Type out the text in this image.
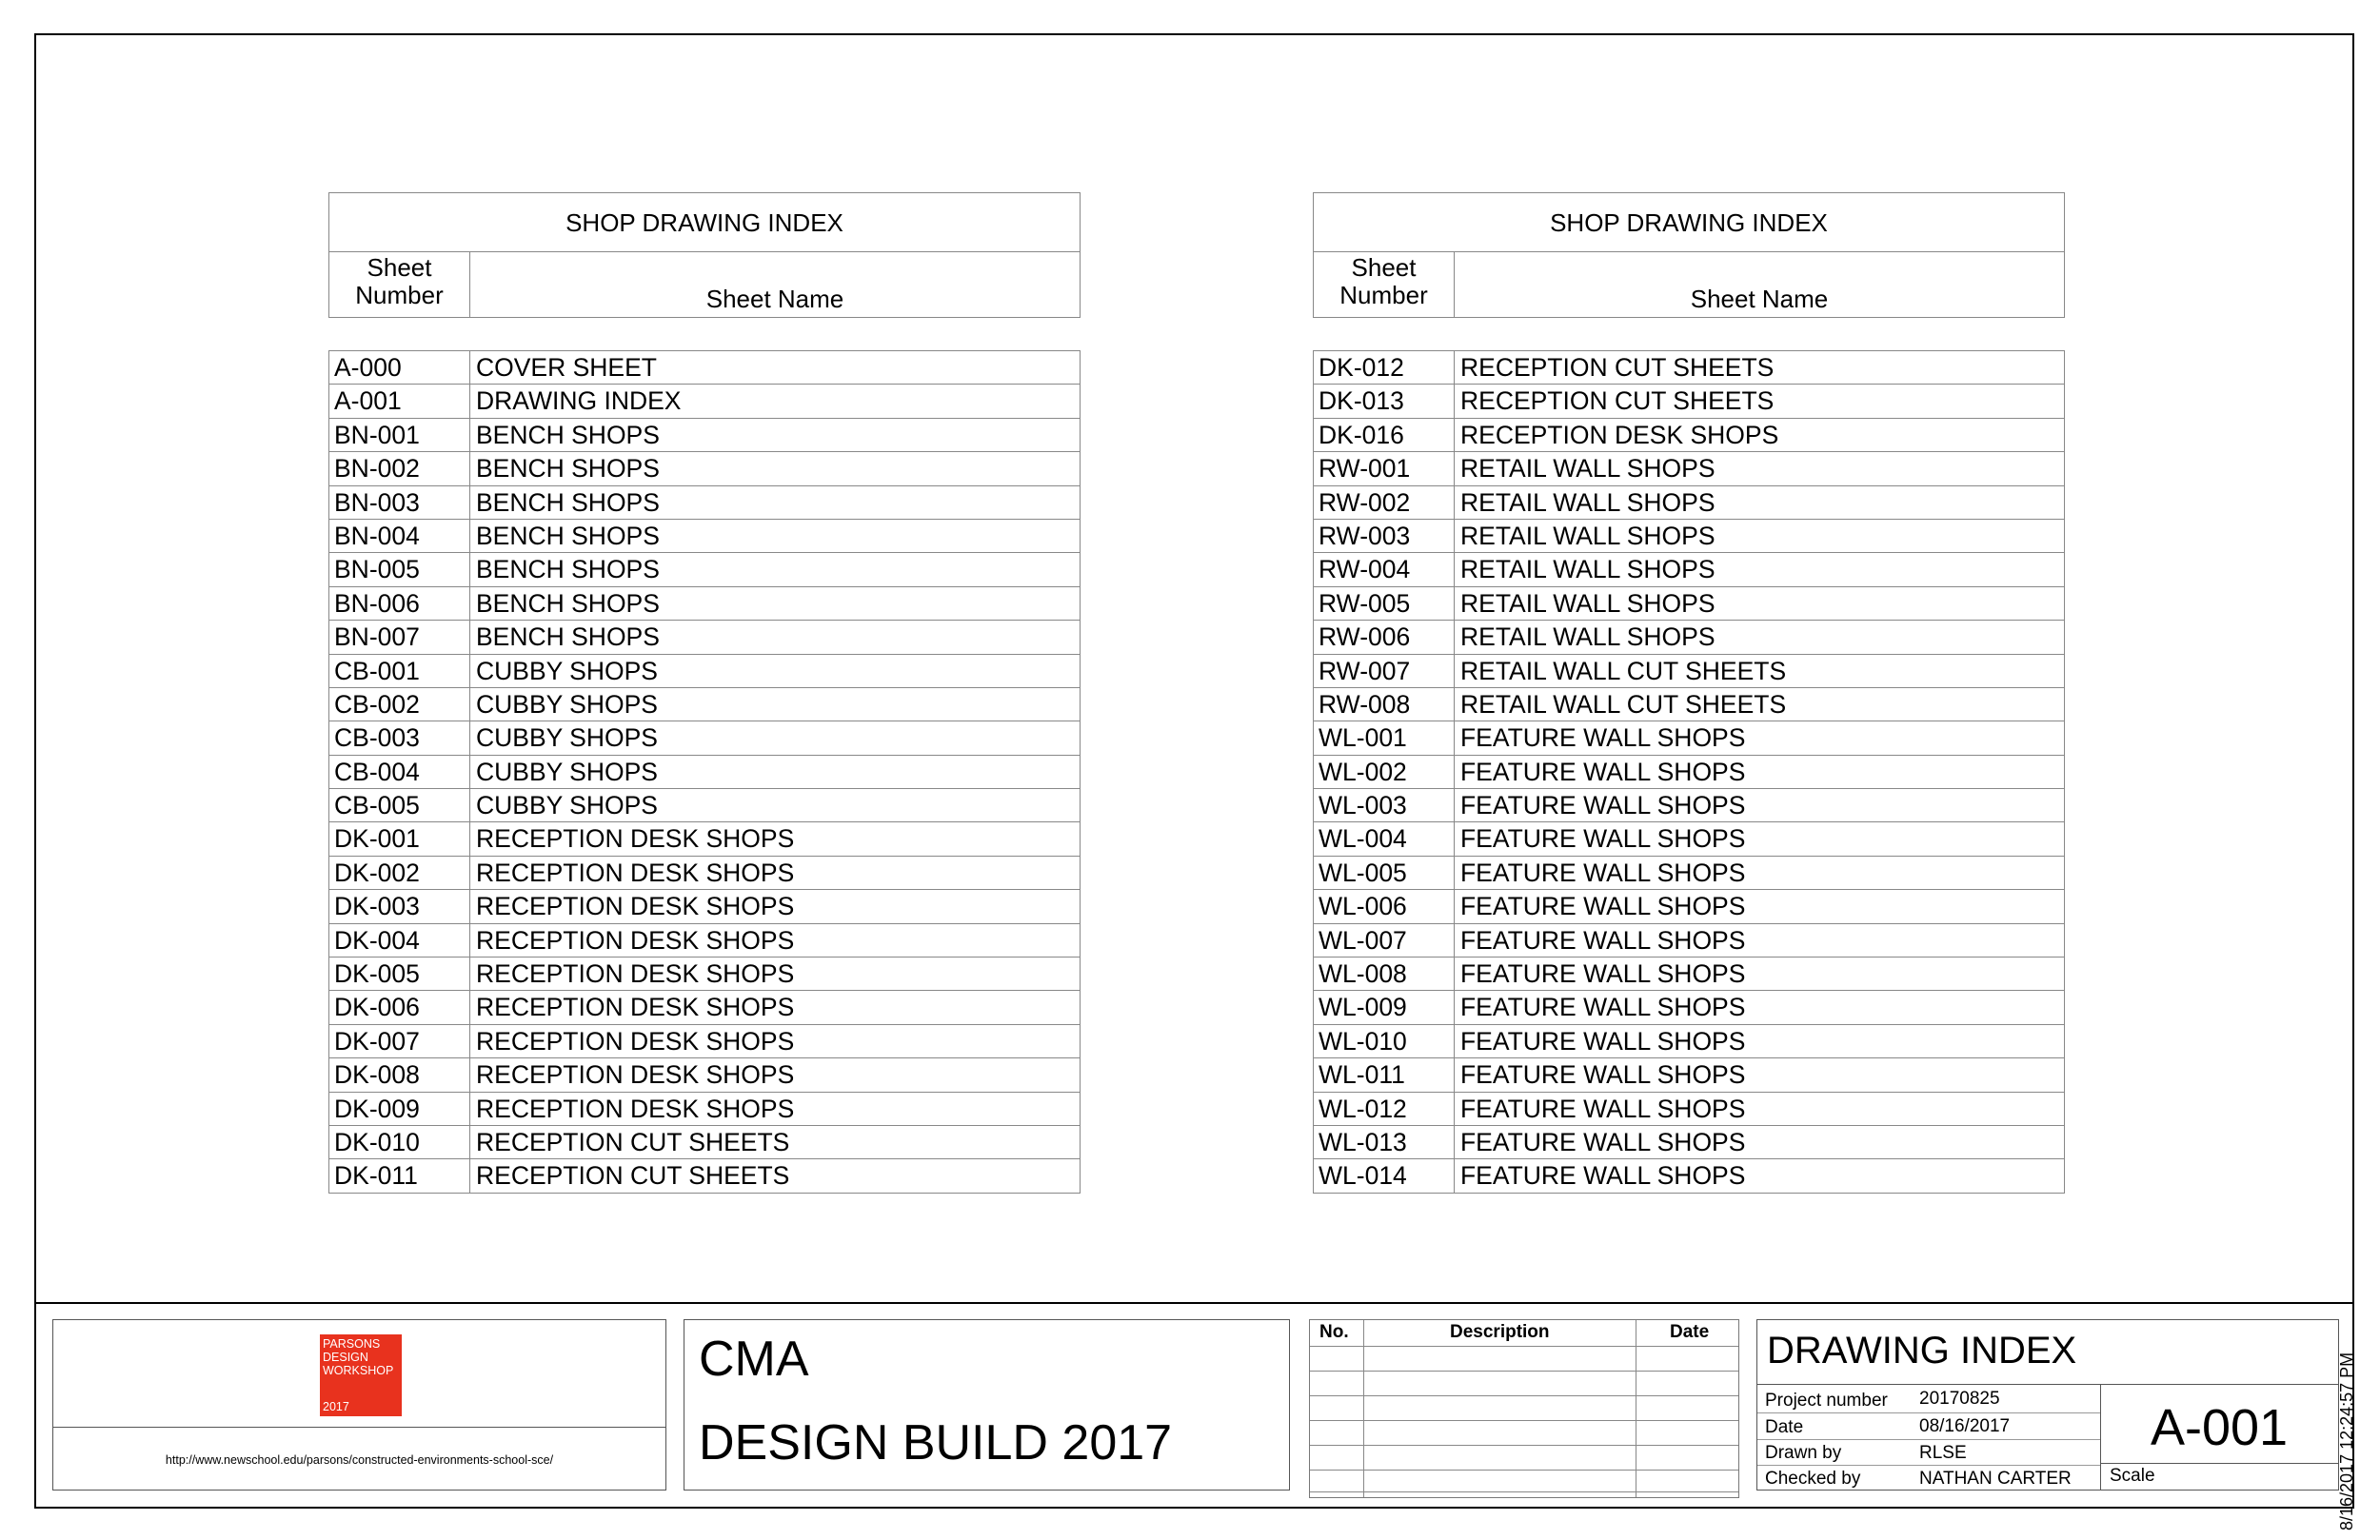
SHOP DRAWING INDEX
Sheet Number	Sheet Name
A-000	COVER SHEET
A-001	DRAWING INDEX
BN-001	BENCH SHOPS
BN-002	BENCH SHOPS
BN-003	BENCH SHOPS
BN-004	BENCH SHOPS
BN-005	BENCH SHOPS
BN-006	BENCH SHOPS
BN-007	BENCH SHOPS
CB-001	CUBBY SHOPS
CB-002	CUBBY SHOPS
CB-003	CUBBY SHOPS
CB-004	CUBBY SHOPS
CB-005	CUBBY SHOPS
DK-001	RECEPTION DESK SHOPS
DK-002	RECEPTION DESK SHOPS
DK-003	RECEPTION DESK SHOPS
DK-004	RECEPTION DESK SHOPS
DK-005	RECEPTION DESK SHOPS
DK-006	RECEPTION DESK SHOPS
DK-007	RECEPTION DESK SHOPS
DK-008	RECEPTION DESK SHOPS
DK-009	RECEPTION DESK SHOPS
DK-010	RECEPTION CUT SHEETS
DK-011	RECEPTION CUT SHEETS
SHOP DRAWING INDEX
Sheet Number	Sheet Name
DK-012	RECEPTION CUT SHEETS
DK-013	RECEPTION CUT SHEETS
DK-016	RECEPTION DESK SHOPS
RW-001	RETAIL WALL SHOPS
RW-002	RETAIL WALL SHOPS
RW-003	RETAIL WALL SHOPS
RW-004	RETAIL WALL SHOPS
RW-005	RETAIL WALL SHOPS
RW-006	RETAIL WALL SHOPS
RW-007	RETAIL WALL CUT SHEETS
RW-008	RETAIL WALL CUT SHEETS
WL-001	FEATURE WALL SHOPS
WL-002	FEATURE WALL SHOPS
WL-003	FEATURE WALL SHOPS
WL-004	FEATURE WALL SHOPS
WL-005	FEATURE WALL SHOPS
WL-006	FEATURE WALL SHOPS
WL-007	FEATURE WALL SHOPS
WL-008	FEATURE WALL SHOPS
WL-009	FEATURE WALL SHOPS
WL-010	FEATURE WALL SHOPS
WL-011	FEATURE WALL SHOPS
WL-012	FEATURE WALL SHOPS
WL-013	FEATURE WALL SHOPS
WL-014	FEATURE WALL SHOPS
PARSONS
DESIGN
WORKSHOP
2017
http://www.newschool.edu/parsons/constructed-environments-school-sce/
CMA
DESIGN BUILD 2017
No.	Description	Date DRAWING INDEX
Project number 20170825
Date	08/16/2017
Drawn by	RLSE
Checked by	NATHAN CARTER
A-001
Scale	8/16/2017 12:24:57 PM
